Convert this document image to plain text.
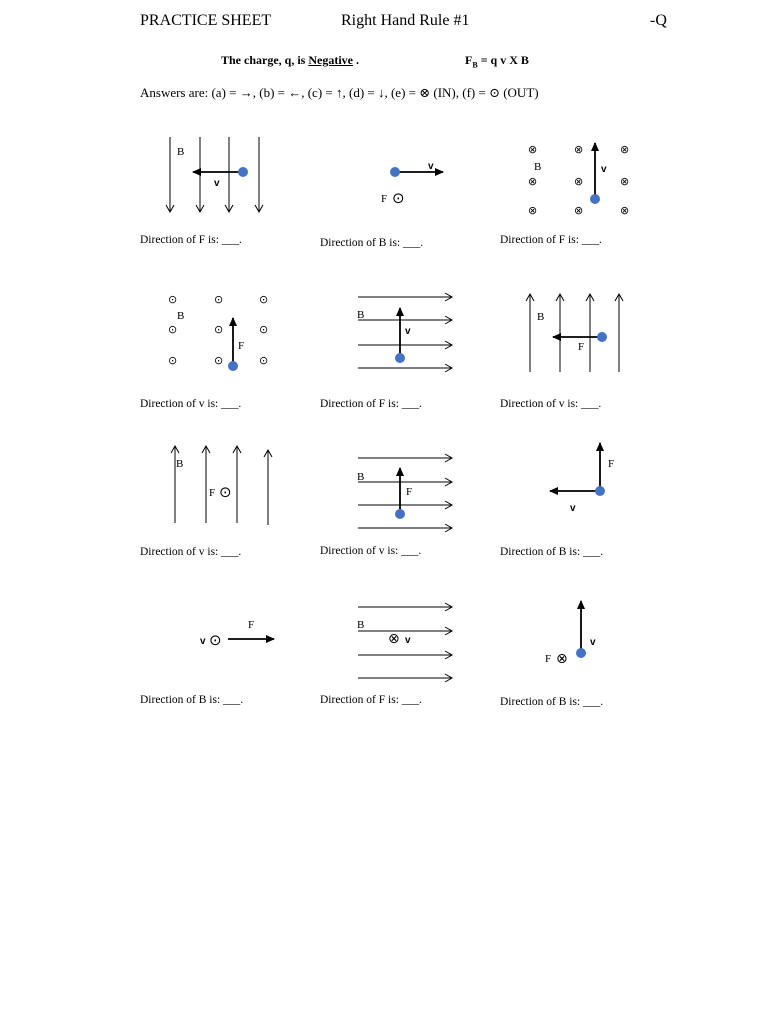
PRACTICE SHEET	Right Hand Rule #1	-Q
The charge, q, is Negative .	$F_B = q$ v X B
Answers are: (a) = →, (b) = ←, (c) = ↑, (d) = ↓, (e) = ⊗ (IN), (f) = ⊙ (OUT)
Direction of F is: ___.	Direction of B is: ___.	Direction of F is: ___.
Direction of v is: ___.	Direction of F is: ___.	Direction of v is: ___.
Direction of v is: ___.	Direction of v is: ___.	Direction of B is: ___.
Direction of B is: ___.	Direction of F is: ___.	Direction of B is: ___.
B
v
v
F ⊙
⊗	⊗	⊗
⊗	⊗	⊗
⊗	⊗	⊗
B	v
⊙	⊙	⊙
⊙	⊙	⊙
⊙	⊙	⊙
B
F
B
v
B
F
B
F ⊙
B
F
F
v
v ⊙
F	B
⊗ v	v
F ⊗
